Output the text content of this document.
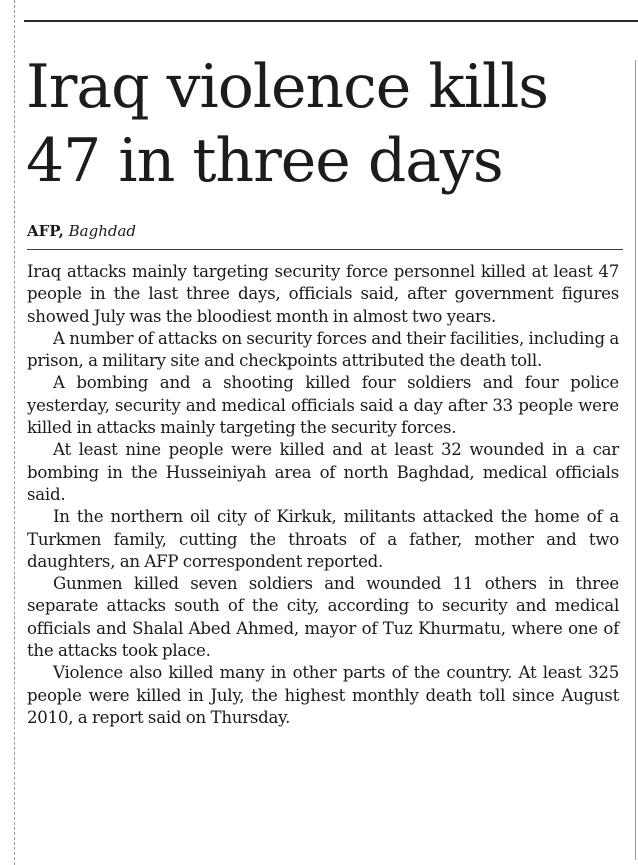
Iraq violence kills 47 in three days
AFP, Baghdad

Iraq attacks mainly targeting security force personnel killed at least 47 people in the last three days, officials said, after government figures showed July was the bloodiest month in almost two years.

A number of attacks on security forces and their facilities, including a prison, a military site and checkpoints attributed the death toll.

A bombing and a shooting killed four soldiers and four police yesterday, security and medical officials said a day after 33 people were killed in attacks mainly targeting the security forces.

At least nine people were killed and at least 32 wounded in a car bombing in the Husseiniyah area of north Baghdad, medical officials said.

In the northern oil city of Kirkuk, militants attacked the home of a Turkmen family, cutting the throats of a father, mother and two daughters, an AFP correspondent reported.

Gunmen killed seven soldiers and wounded 11 others in three separate attacks south of the city, according to security and medical officials and Shalal Abed Ahmed, mayor of Tuz Khurmatu, where one of the attacks took place.

Violence also killed many in other parts of the country. At least 325 people were killed in July, the highest monthly death toll since August 2010, a report said on Thursday.
